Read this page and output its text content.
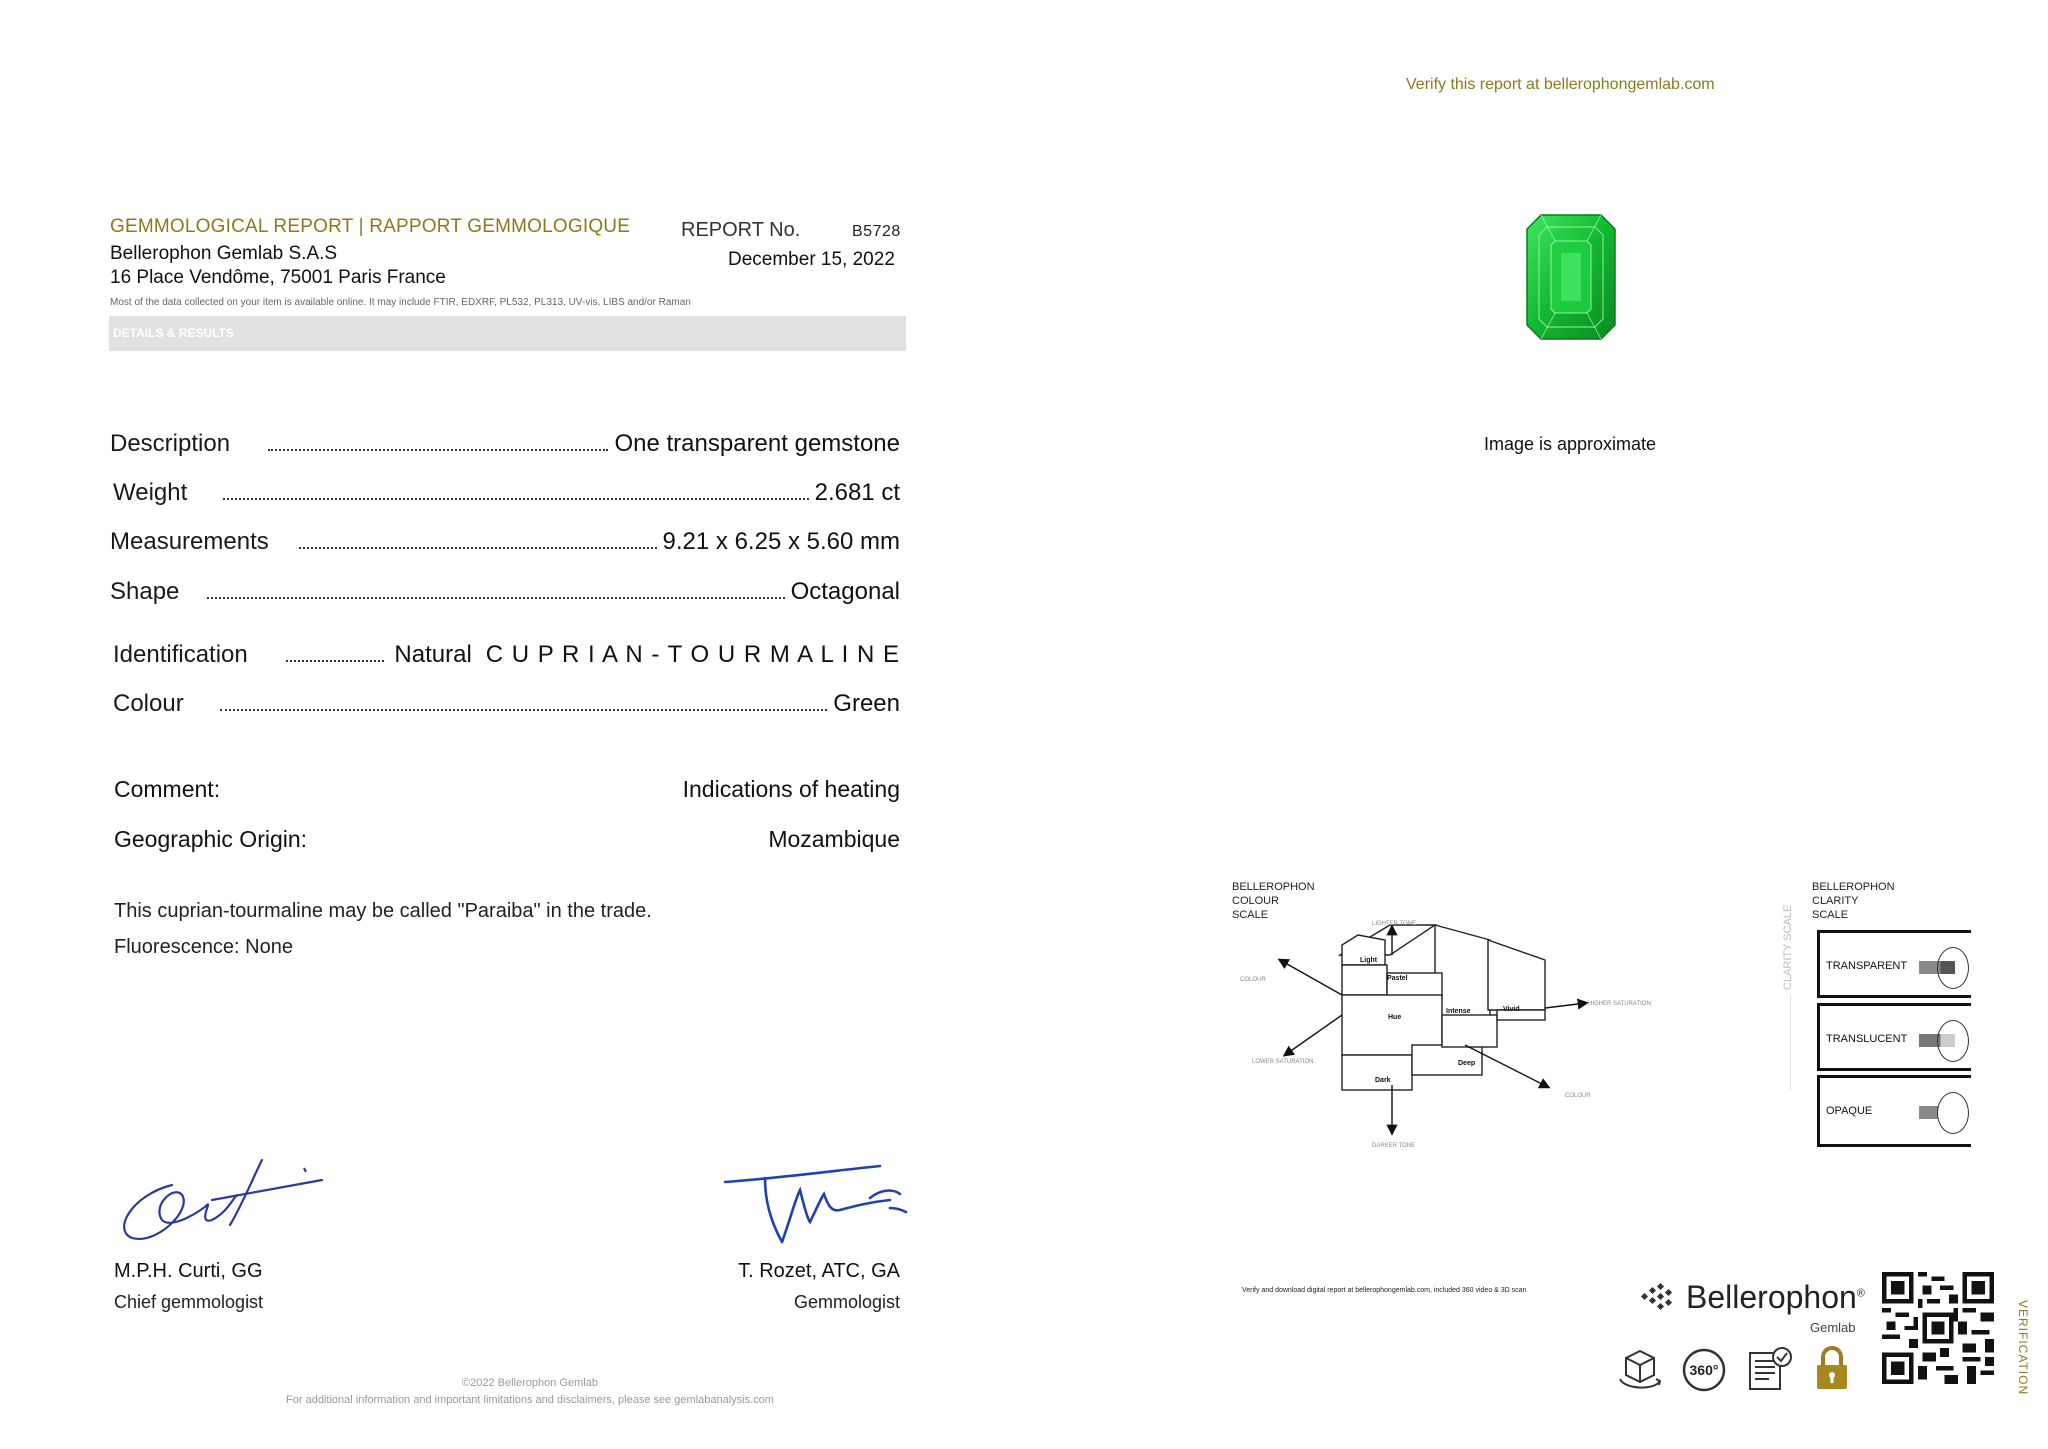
Verify this report at bellerophongemlab.com
GEMMOLOGICAL REPORT | RAPPORT GEMMOLOGIQUE
Bellerophon Gemlab S.A.S
16 Place Vendôme, 75001 Paris France
REPORT No.	B5728
December 15, 2022
Most of the data collected on your item is available online. It may include FTIR, EDXRF, PL532, PL313, UV-vis, LIBS and/or Raman
DETAILS & RESULTS
Description	One transparent gemstone
Weight	2.681 ct
Measurements	9.21 x 6.25 x 5.60 mm
Shape	Octagonal
Identification	Natural C U P R I A N - T O U R M A L I N E
Colour	Green
Comment:	Indications of heating
Geographic Origin:	Mozambique
This cuprian-tourmaline may be called "Paraiba" in the trade.
Fluorescence: None
M.P.H. Curti, GG
Chief gemmologist
T. Rozet, ATC, GA
Gemmologist
©2022 Bellerophon Gemlab
For additional information and important limitations and disclaimers, please see gemlabanalysis.com
Image is approximate
BELLEROPHON
COLOUR
SCALE
LIGHTER TONE
DARKER TONE
COLOUR
COLOUR
LOWER SATURATION
HIGHER SATURATION
Light
Pastel
Hue
Intense	Vivid
Deep
Dark
BELLEROPHON
CLARITY
SCALE
CLARITY SCALE	TRANSPARENT
TRANSLUCENT
OPAQUE
Verify and download digital report at bellerophongemlab.com, included 360 video & 3D scan	Bellerophon®
Gemlab
360°	VERIFICATION
